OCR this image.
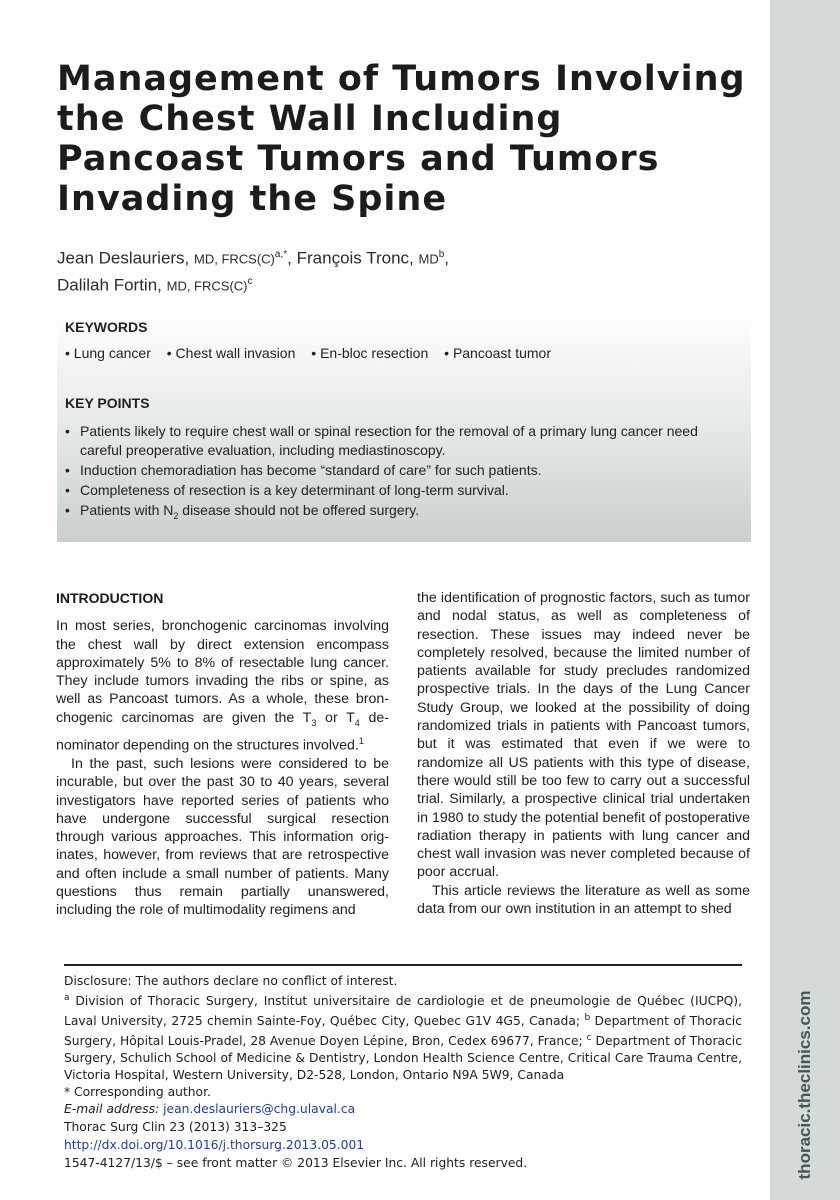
thoracic.theclinics.com
Management of Tumors Involving the Chest Wall Including Pancoast Tumors and Tumors Invading the Spine
Jean Deslauriers, MD, $FRCS(C)^{a,*}$, François Tronc, $MD^b$,
Dalilah Fortin, MD, $FRCS(C)^c$
KEYWORDS
• Lung cancer • Chest wall invasion • En-bloc resection • Pancoast tumor
KEY POINTS
• Patients likely to require chest wall or spinal resection for the removal of a primary lung cancer need careful preoperative evaluation, including mediastinoscopy.
• Induction chemoradiation has become “standard of care” for such patients.
• Completeness of resection is a key determinant of long-term survival.
• Patients with $N_2$ disease should not be offered surgery.
INTRODUCTION

In most series, bronchogenic carcinomas involving the chest wall by direct extension encompass approximately 5% to 8% of resectable lung cancer. They include tumors invading the ribs or spine, as well as Pancoast tumors. As a whole, these bronchogenic carcinomas are given the $T_3$ or $T_4$ denominator depending on the structures involved.$^1$

In the past, such lesions were considered to be incurable, but over the past 30 to 40 years, several investigators have reported series of patients who have undergone successful surgical resection through various approaches. This information originates, however, from reviews that are retrospective and often include a small number of patients. Many questions thus remain partially unanswered, including the role of multimodality regimens and

the identification of prognostic factors, such as tumor and nodal status, as well as completeness of resection. These issues may indeed never be completely resolved, because the limited number of patients available for study precludes randomized prospective trials. In the days of the Lung Cancer Study Group, we looked at the possibility of doing randomized trials in patients with Pancoast tumors, but it was estimated that even if we were to randomize all US patients with this type of disease, there would still be too few to carry out a successful trial. Similarly, a prospective clinical trial undertaken in 1980 to study the potential benefit of postoperative radiation therapy in patients with lung cancer and chest wall invasion was never completed because of poor accrual.

This article reviews the literature as well as some data from our own institution in an attempt to shed

Disclosure: The authors declare no conflict of interest.

$^a$ Division of Thoracic Surgery, Institut universitaire de cardiologie et de pneumologie de Québec (IUCPQ), Laval University, 2725 chemin Sainte-Foy, Québec City, Quebec G1V 4G5, Canada; $^b$ Department of Thoracic Surgery, Hôpital Louis-Pradel, 28 Avenue Doyen Lépine, Bron, Cedex 69677, France; $^c$ Department of Thoracic Surgery, Schulich School of Medicine & Dentistry, London Health Science Centre, Critical Care Trauma Centre, Victoria Hospital, Western University, D2-528, London, Ontario N9A 5W9, Canada

* Corresponding author.

E-mail address: jean.deslauriers@chg.ulaval.ca

Thorac Surg Clin 23 (2013) 313–325

http://dx.doi.org/10.1016/j.thorsurg.2013.05.001

1547-4127/13/$ – see front matter © 2013 Elsevier Inc. All rights reserved.
